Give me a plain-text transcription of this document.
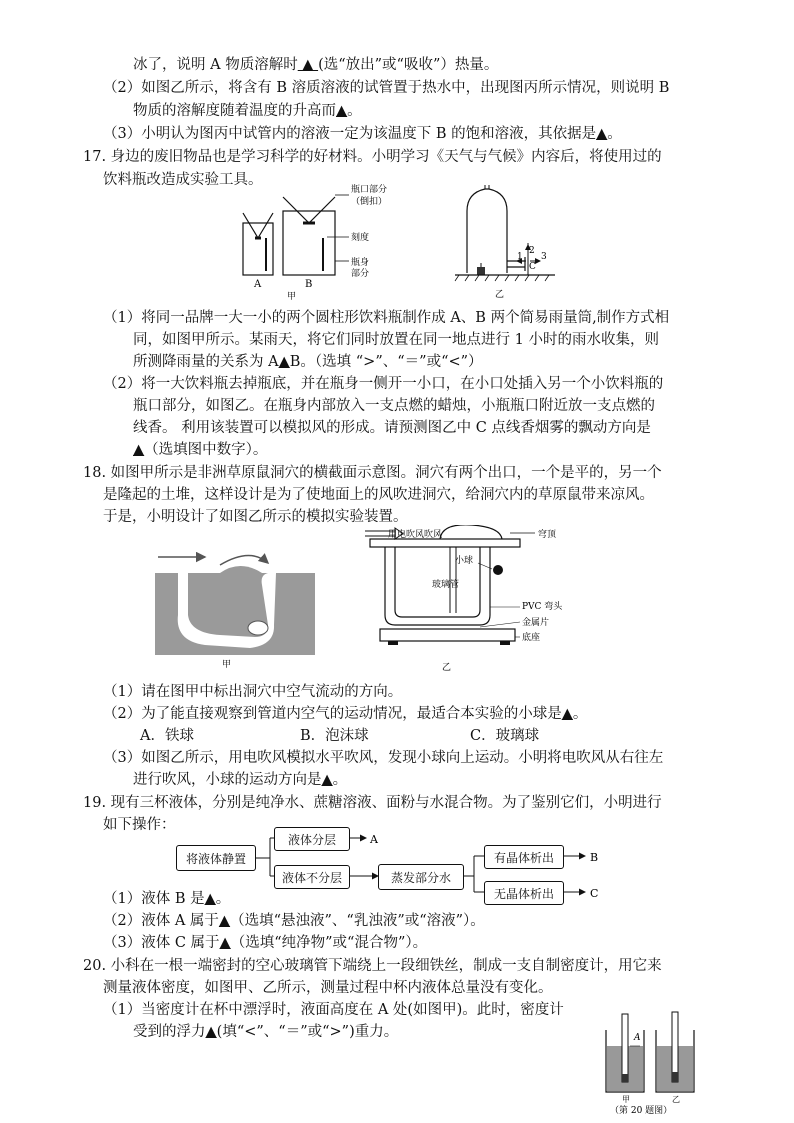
冰了，说明 A 物质溶解时 ▲ (选“放出”或“吸收”）热量。
（2）如图乙所示，将含有 B 溶质溶液的试管置于热水中，出现图丙所示情况，则说明 B
物质的溶解度随着温度的升高而▲。
（3）小明认为图丙中试管内的溶液一定为该温度下 B 的饱和溶液，其依据是▲。
17. 身边的废旧物品也是学习科学的好材料。小明学习《天气与气候》内容后，将使用过的
饮料瓶改造成实验工具。
瓶口部分
（倒扣）
刻度
瓶身
部分
A	B
甲
1
2
3
C
乙
（1）将同一品牌一大一小的两个圆柱形饮料瓶制作成 A、B 两个简易雨量筒,制作方式相
同，如图甲所示。某雨天，将它们同时放置在同一地点进行 1 小时的雨水收集，则
所测降雨量的关系为 A▲B。（选填 “>”、“＝”或“<”）
（2）将一大饮料瓶去掉瓶底，并在瓶身一侧开一小口，在小口处插入另一个小饮料瓶的
瓶口部分，如图乙。在瓶身内部放入一支点燃的蜡烛，小瓶瓶口附近放一支点燃的
线香。 利用该装置可以模拟风的形成。请预测图乙中 C 点线香烟雾的飘动方向是
▲（选填图中数字）。
18. 如图甲所示是非洲草原鼠洞穴的横截面示意图。洞穴有两个出口，一个是平的，另一个
是隆起的土堆，这样设计是为了使地面上的风吹进洞穴，给洞穴内的草原鼠带来凉风。
于是，小明设计了如图乙所示的模拟实验装置。
甲
用电吹风吹风	穹顶
小球
玻璃管
PVC 弯头
金属片
底座
乙
（1）请在图甲中标出洞穴中空气流动的方向。
（2）为了能直接观察到管道内空气的运动情况，最适合本实验的小球是▲。
A．铁球	B．泡沫球	C．玻璃球
（3）如图乙所示，用电吹风模拟水平吹风，发现小球向上运动。小明将电吹风从右往左
进行吹风，小球的运动方向是▲。
19. 现有三杯液体，分别是纯净水、蔗糖溶液、面粉与水混合物。为了鉴别它们，小明进行
如下操作：
A
B
C
将液体静置
液体分层
液体不分层	蒸发部分水
有晶体析出
无晶体析出
（1）液体 B 是▲。
（2）液体 A 属于▲（选填“悬浊液”、“乳浊液”或“溶液”）。
（3）液体 C 属于▲（选填“纯净物”或“混合物”）。
20. 小科在一根一端密封的空心玻璃管下端绕上一段细铁丝，制成一支自制密度计，用它来
测量液体密度，如图甲、乙所示，测量过程中杯内液体总量没有变化。
（1）当密度计在杯中漂浮时，液面高度在 A 处(如图甲)。此时，密度计
受到的浮力▲(填“<”、“＝”或“>”)重力。	A
甲	乙
（第 20 题图）
